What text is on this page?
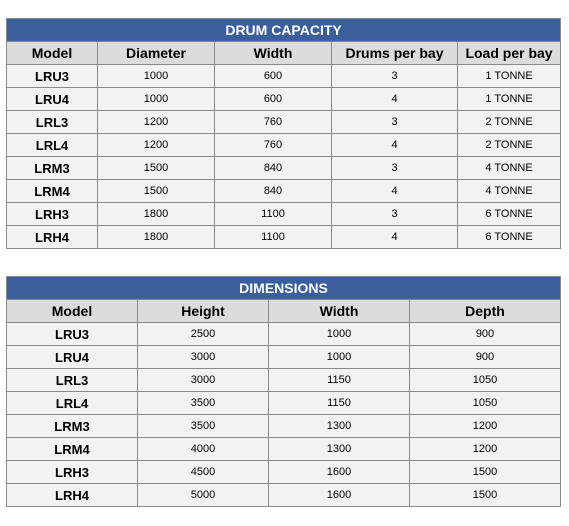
DRUM CAPACITY				
Model	Diameter	Width	Drums per bay	Load per bay
LRU3	1000	600	3	1 TONNE
LRU4	1000	600	4	1 TONNE
LRL3	1200	760	3	2 TONNE
LRL4	1200	760	4	2 TONNE
LRM3	1500	840	3	4 TONNE
LRM4	1500	840	4	4 TONNE
LRH3	1800	1100	3	6 TONNE
LRH4	1800	1100	4	6 TONNE
DIMENSIONS			
Model	Height	Width	Depth
LRU3	2500	1000	900
LRU4	3000	1000	900
LRL3	3000	1150	1050
LRL4	3500	1150	1050
LRM3	3500	1300	1200
LRM4	4000	1300	1200
LRH3	4500	1600	1500
LRH4	5000	1600	1500
